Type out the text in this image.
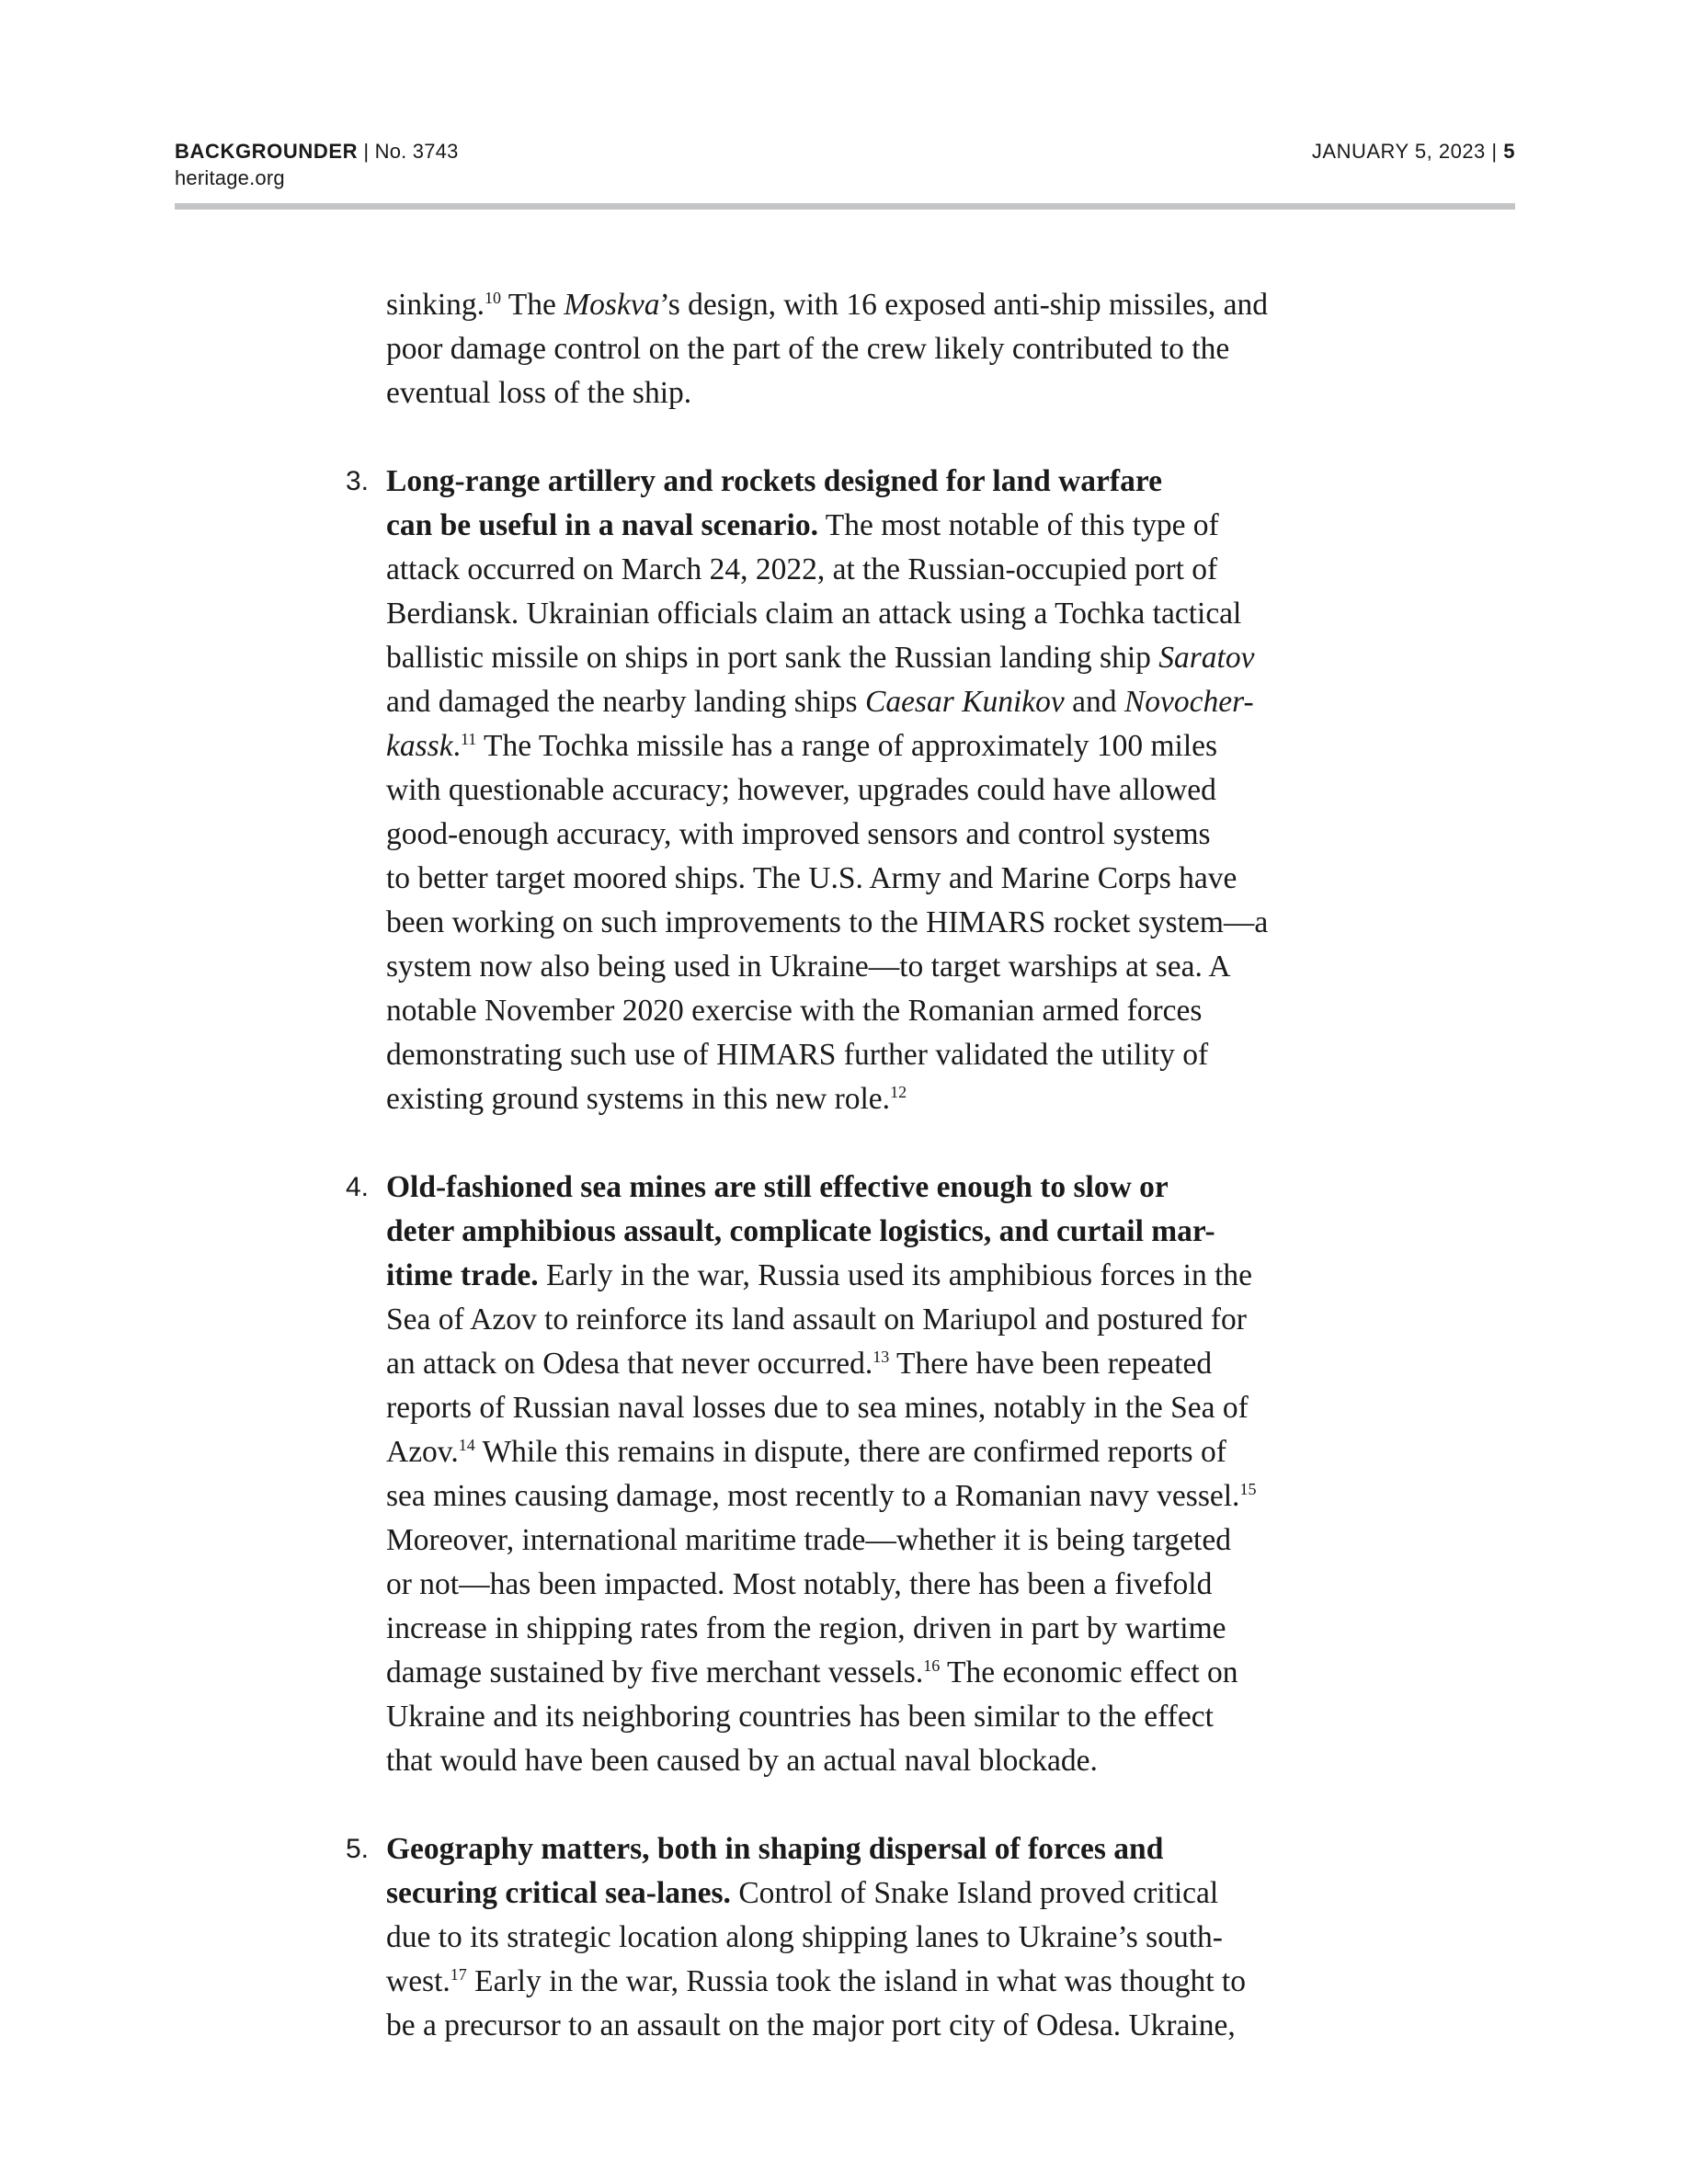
BACKGROUNDER | No. 3743
heritage.org
JANUARY 5, 2023 | 5
sinking.$^{10}$ The Moskva’s design, with 16 exposed anti-ship missiles, and
poor damage control on the part of the crew likely contributed to the
eventual loss of the ship.
3. Long-range artillery and rockets designed for land warfare
can be useful in a naval scenario. The most notable of this type of
attack occurred on March 24, 2022, at the Russian-occupied port of
Berdiansk. Ukrainian officials claim an attack using a Tochka tactical
ballistic missile on ships in port sank the Russian landing ship Saratov
and damaged the nearby landing ships Caesar Kunikov and Novocher-
kassk.$^{11}$ The Tochka missile has a range of approximately 100 miles
with questionable accuracy; however, upgrades could have allowed
good-enough accuracy, with improved sensors and control systems
to better target moored ships. The U.S. Army and Marine Corps have
been working on such improvements to the HIMARS rocket system—a
system now also being used in Ukraine—to target warships at sea. A
notable November 2020 exercise with the Romanian armed forces
demonstrating such use of HIMARS further validated the utility of
existing ground systems in this new role.$^{12}$
4. Old-fashioned sea mines are still effective enough to slow or
deter amphibious assault, complicate logistics, and curtail mar-
itime trade. Early in the war, Russia used its amphibious forces in the
Sea of Azov to reinforce its land assault on Mariupol and postured for
an attack on Odesa that never occurred.$^{13}$ There have been repeated
reports of Russian naval losses due to sea mines, notably in the Sea of
Azov.$^{14}$ While this remains in dispute, there are confirmed reports of
sea mines causing damage, most recently to a Romanian navy vessel.$^{15}$
Moreover, international maritime trade—whether it is being targeted
or not—has been impacted. Most notably, there has been a fivefold
increase in shipping rates from the region, driven in part by wartime
damage sustained by five merchant vessels.$^{16}$ The economic effect on
Ukraine and its neighboring countries has been similar to the effect
that would have been caused by an actual naval blockade.
5. Geography matters, both in shaping dispersal of forces and
securing critical sea-lanes. Control of Snake Island proved critical
due to its strategic location along shipping lanes to Ukraine’s south-
west.$^{17}$ Early in the war, Russia took the island in what was thought to
be a precursor to an assault on the major port city of Odesa. Ukraine,
